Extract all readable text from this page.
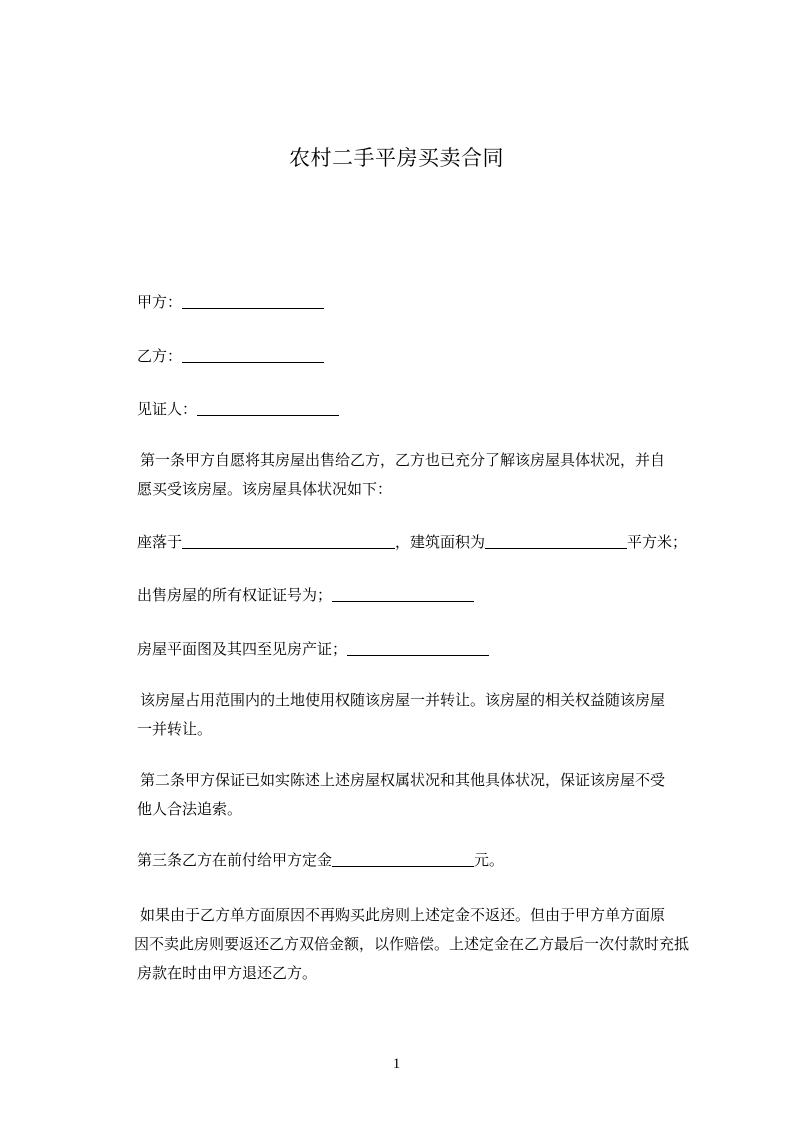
农村二手平房买卖合同
甲方：
乙方：
见证人：
第一条甲方自愿将其房屋出售给乙方，乙方也已充分了解该房屋具体状况，并自
愿买受该房屋。该房屋具体状况如下：
座落于	，建筑面积为	平方米；
出售房屋的所有权证证号为；
房屋平面图及其四至见房产证；
该房屋占用范围内的土地使用权随该房屋一并转让。该房屋的相关权益随该房屋
一并转让。
第二条甲方保证已如实陈述上述房屋权属状况和其他具体状况，保证该房屋不受
他人合法追索。
第三条乙方在前付给甲方定金	元。
如果由于乙方单方面原因不再购买此房则上述定金不返还。但由于甲方单方面原
因不卖此房则要返还乙方双倍金额，以作赔偿。上述定金在乙方最后一次付款时充抵
房款在时由甲方退还乙方。
1
